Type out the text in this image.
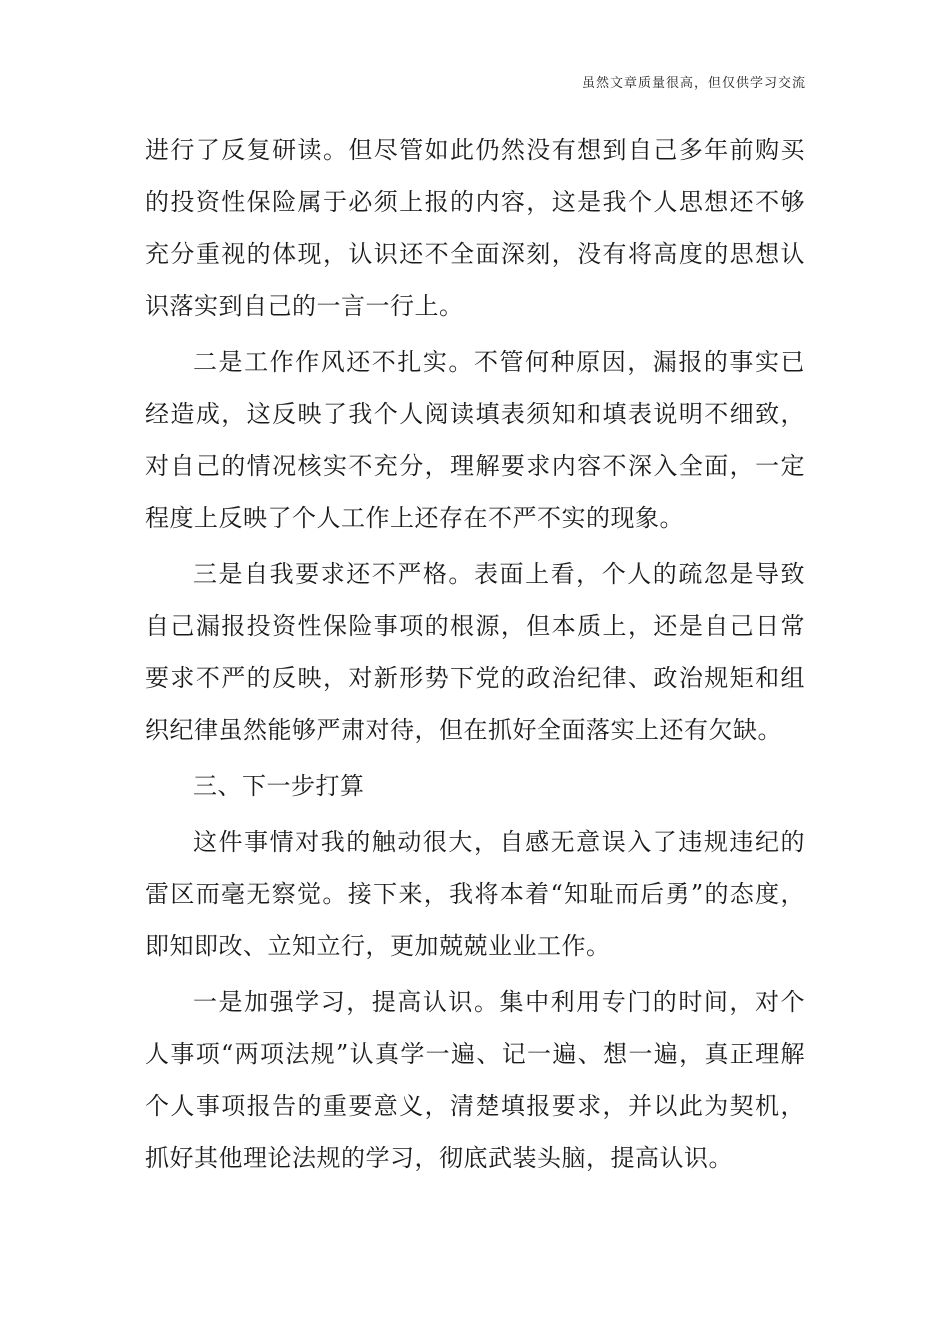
虽然文章质量很高，但仅供学习交流

进行了反复研读。但尽管如此仍然没有想到自己多年前购买的投资性保险属于必须上报的内容，这是我个人思想还不够充分重视的体现，认识还不全面深刻，没有将高度的思想认识落实到自己的一言一行上。

二是工作作风还不扎实。不管何种原因，漏报的事实已经造成，这反映了我个人阅读填表须知和填表说明不细致，对自己的情况核实不充分，理解要求内容不深入全面，一定程度上反映了个人工作上还存在不严不实的现象。

三是自我要求还不严格。表面上看，个人的疏忽是导致自己漏报投资性保险事项的根源，但本质上，还是自己日常要求不严的反映，对新形势下党的政治纪律、政治规矩和组织纪律虽然能够严肃对待，但在抓好全面落实上还有欠缺。

三、下一步打算

这件事情对我的触动很大，自感无意误入了违规违纪的雷区而毫无察觉。接下来，我将本着“知耻而后勇”的态度，即知即改、立知立行，更加兢兢业业工作。

一是加强学习，提高认识。集中利用专门的时间，对个人事项“两项法规”认真学一遍、记一遍、想一遍，真正理解个人事项报告的重要意义，清楚填报要求，并以此为契机，抓好其他理论法规的学习，彻底武装头脑，提高认识。
